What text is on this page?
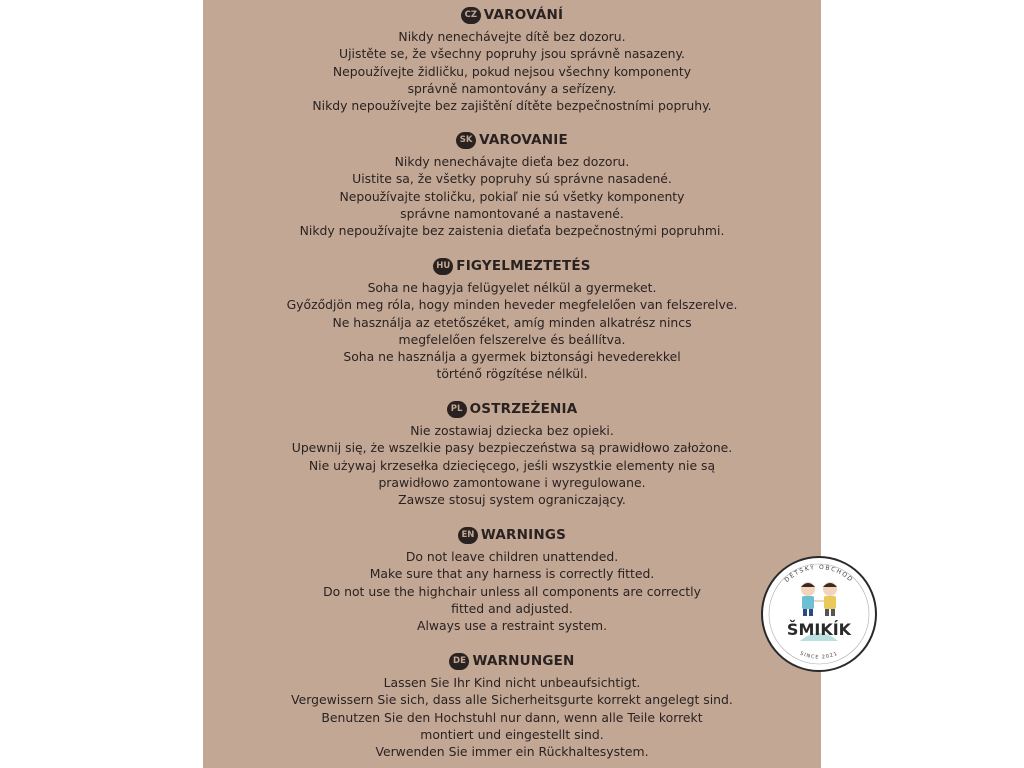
CZ VAROVÁNÍ
Nikdy nenechávejte dítě bez dozoru.
Ujistěte se, že všechny popruhy jsou správně nasazeny.
Nepoužívejte židličku, pokud nejsou všechny komponenty
správně namontovány a seřízeny.
Nikdy nepoužívejte bez zajištění dítěte bezpečnostními popruhy.
SK VAROVANIE
Nikdy nenechávajte dieťa bez dozoru.
Uistite sa, že všetky popruhy sú správne nasadené.
Nepoužívajte stoličku, pokiaľ nie sú všetky komponenty
správne namontované a nastavené.
Nikdy nepoužívajte bez zaistenia dieťaťa bezpečnostnými popruhmi.
HU FIGYELMEZTETÉS
Soha ne hagyja felügyelet nélkül a gyermeket.
Győződjön meg róla, hogy minden heveder megfelelően van felszerelve.
Ne használja az etetőszéket, amíg minden alkatrész nincs
megfelelően felszerelve és beállítva.
Soha ne használja a gyermek biztonsági hevederekkel
történő rögzítése nélkül.
PL OSTRZEŻENIA
Nie zostawiaj dziecka bez opieki.
Upewnij się, że wszelkie pasy bezpieczeństwa są prawidłowo założone.
Nie używaj krzesełka dziecięcego, jeśli wszystkie elementy nie są
prawidłowo zamontowane i wyregulowane.
Zawsze stosuj system ograniczający.
EN WARNINGS
Do not leave children unattended.
Make sure that any harness is correctly fitted.
Do not use the highchair unless all components are correctly
fitted and adjusted.
Always use a restraint system.
DE WARNUNGEN
Lassen Sie Ihr Kind nicht unbeaufsichtigt.
Vergewissern Sie sich, dass alle Sicherheitsgurte korrekt angelegt sind.
Benutzen Sie den Hochstuhl nur dann, wenn alle Teile korrekt
montiert und eingestellt sind.
Verwenden Sie immer ein Rückhaltesystem.
DĚTSKÝ OBCHOD
SINCE 2021
ŠMIKÍK
